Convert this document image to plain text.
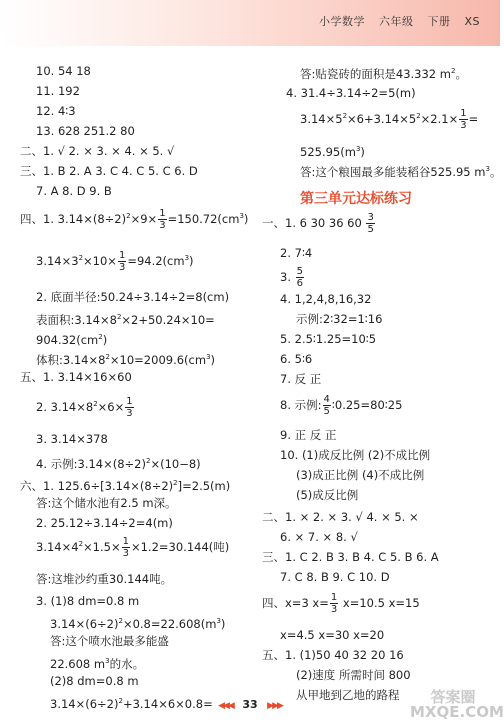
小学数学 六年级 下册 XS
10. 54 18
11. 192
12. 4∶3
13. 628 251.2 80
二、1. √ 2. × 3. × 4. × 5. √
三、1. B 2. A 3. C 4. C 5. C 6. D
7. A 8. D 9. B
四、1. $3.14\times(8\div 2)^2\times 9\times \frac{1}{3} =150.72(cm^3)$
$3.14\times 3^2\times 10\times \frac{1}{3} =94.2(cm^3)$
2. 底面半径:50.24÷3.14÷2=8(cm)
表面积$:3.14\times 8^2\times 2+50.24\times 10=$
$904.32(cm^2)$
体积$:3.14\times 8^2\times 10=2009.6(cm^3)$
五、1. 3.14×16×60
2. $3.14\times 8^2\times 6\times \frac{1}{3}$
3. 3.14×378
4. 示例$:3.14\times(8\div 2)^2\times(10-8)$
六、1. $125.6\div[3.14\times(8\div 2)^2]=2.5(m)$
答:这个储水池有2.5 m深。
2. 25.12÷3.14÷2=4(m)
$3.14\times 4^2\times 1.5\times \frac{1}{3} \times 1.2=30.144$(吨)
答:这堆沙约重30.144吨。
3. (1)8 dm=0.8 m
$3.14\times(6\div 2)^2\times 0.8=22.608(m^3)$
答:这个喷水池最多能盛
22.608 $m^3$的水。
(2)8 dm=0.8 m
$3.14\times(6\div 2)^2+3.14\times 6\times 0.8=$
答:贴瓷砖的面积是43.332 $m^2$。
4. 31.4÷3.14÷2=5(m)
$3.14\times 5^2\times 6+3.14\times 5^2\times 2.1\times \frac{1}{3}$ =
$525.95(m^3)$
答:这个粮囤最多能装稻谷525.95 $m^3$。
一、1. 6 30 36 $60 \frac{3}{5}$
2. 7∶4
3. $\frac{5}{6}$
4. 1,2,4,8,16,32
示例:2∶32=1∶16
5. 2.5∶1.25=10∶5
6. 5∶6
7. 反 正
8. 示例: $\frac{4}{5}$ ∶0.25=80∶25
9. 正 反 正
10. (1)成反比例 (2)不成比例
(3)成正比例 (4)不成比例
(5)成反比例
二、1. × 2. × 3. √ 4. × 5. ×
6. × 7. × 8. √
三、1. C 2. B 3. B 4. C 5. B 6. A
7. C 8. B 9. C 10. D
四、x=3 $x= \frac{1}{3} x=10.5$ x=15
x=4.5 x=30 x=20
五、1. (1)50 40 32 20 16
(2)速度 所需时间 800
从甲地到乙地的路程
第三单元达标练习
◀◀◀ 33 ▶▶▶	答案圈 MXQE.COM
